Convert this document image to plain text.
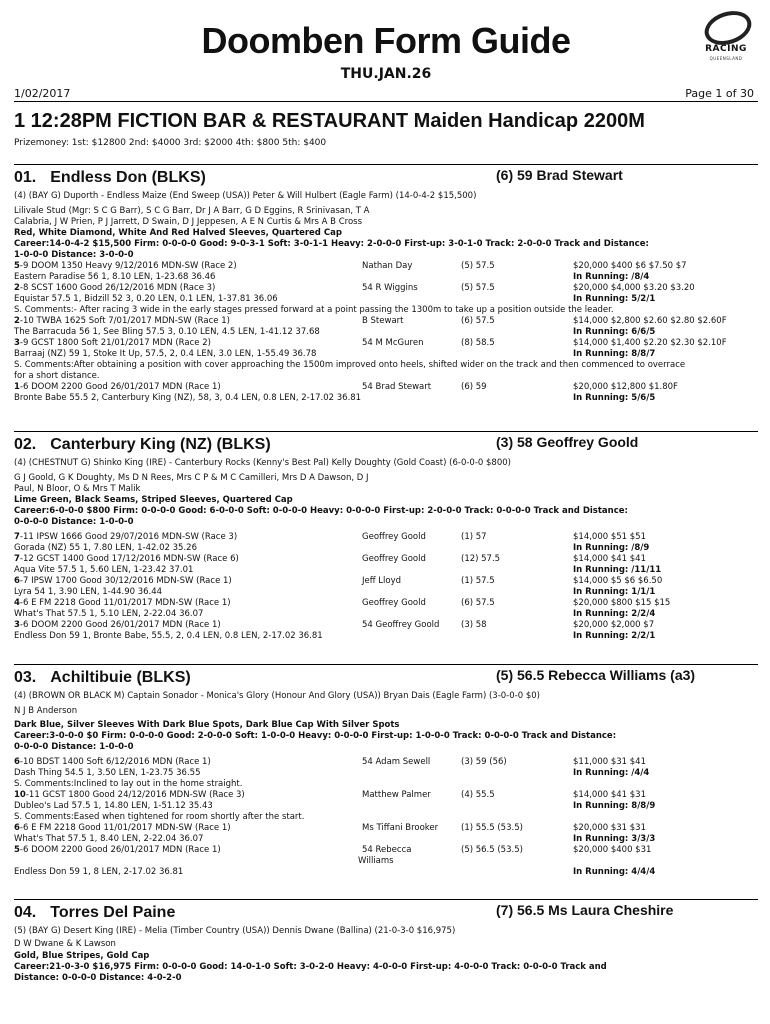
Doomben Form Guide
THU.JAN.26
RACING
QUEENSLAND
1/02/2017	Page 1 of 30
1 12:28PM FICTION BAR & RESTAURANT Maiden Handicap 2200M
Prizemoney: 1st: $12800 2nd: $4000 3rd: $2000 4th: $800 5th: $400
01. Endless Don (BLKS)	(6) 59 Brad Stewart
(4) (BAY G) Duporth - Endless Maize (End Sweep (USA)) Peter & Will Hulbert (Eagle Farm) (14-0-4-2 $15,500)
Lilivale Stud (Mgr: S C G Barr), S C G Barr, Dr J A Barr, G D Eggins, R Srinivasan, T A
Calabria, J W Prien, P J Jarrett, D Swain, D J Jeppesen, A E N Curtis & Mrs A B Cross
Red, White Diamond, White And Red Halved Sleeves, Quartered Cap
Career:14-0-4-2 $15,500 Firm: 0-0-0-0 Good: 9-0-3-1 Soft: 3-0-1-1 Heavy: 2-0-0-0 First-up: 3-0-1-0 Track: 2-0-0-0 Track and Distance:
1-0-0-0 Distance: 3-0-0-0
5-9 DOOM 1350 Heavy 9/12/2016 MDN-SW (Race 2)	Nathan Day	(5) 57.5	$20,000 $400 $6 $7.50 $7
Eastern Paradise 56 1, 8.10 LEN, 1-23.68 36.46	In Running: /8/4
2-8 SCST 1600 Good 26/12/2016 MDN (Race 3)	54 R Wiggins	(5) 57.5	$20,000 $4,000 $3.20 $3.20
Equistar 57.5 1, Bidzill 52 3, 0.20 LEN, 0.1 LEN, 1-37.81 36.06	In Running: 5/2/1
S. Comments:- After racing 3 wide in the early stages pressed forward at a point passing the 1300m to take up a position outside the leader.
2-10 TWBA 1625 Soft 7/01/2017 MDN-SW (Race 1)	B Stewart	(6) 57.5	$14,000 $2,800 $2.60 $2.80 $2.60F
The Barracuda 56 1, See Bling 57.5 3, 0.10 LEN, 4.5 LEN, 1-41.12 37.68	In Running: 6/6/5
3-9 GCST 1800 Soft 21/01/2017 MDN (Race 2)	54 M McGuren	(8) 58.5	$14,000 $1,400 $2.20 $2.30 $2.10F
Barraaj (NZ) 59 1, Stoke It Up, 57.5, 2, 0.4 LEN, 3.0 LEN, 1-55.49 36.78	In Running: 8/8/7
S. Comments:After obtaining a position with cover approaching the 1500m improved onto heels, shifted wider on the track and then commenced to overrace
for a short distance.
1-6 DOOM 2200 Good 26/01/2017 MDN (Race 1)	54 Brad Stewart	(6) 59	$20,000 $12,800 $1.80F
Bronte Babe 55.5 2, Canterbury King (NZ), 58, 3, 0.4 LEN, 0.8 LEN, 2-17.02 36.81	In Running: 5/6/5
02. Canterbury King (NZ) (BLKS)	(3) 58 Geoffrey Goold
(4) (CHESTNUT G) Shinko King (IRE) - Canterbury Rocks (Kenny's Best Pal) Kelly Doughty (Gold Coast) (6-0-0-0 $800)
G J Goold, G K Doughty, Ms D N Rees, Mrs C P & M C Camilleri, Mrs D A Dawson, D J
Paul, N Bloor, O & Mrs T Malik
Lime Green, Black Seams, Striped Sleeves, Quartered Cap
Career:6-0-0-0 $800 Firm: 0-0-0-0 Good: 6-0-0-0 Soft: 0-0-0-0 Heavy: 0-0-0-0 First-up: 2-0-0-0 Track: 0-0-0-0 Track and Distance:
0-0-0-0 Distance: 1-0-0-0
7-11 IPSW 1666 Good 29/07/2016 MDN-SW (Race 3)	Geoffrey Goold	(1) 57	$14,000 $51 $51
Gorada (NZ) 55 1, 7.80 LEN, 1-42.02 35.26	In Running: /8/9
7-12 GCST 1400 Good 17/12/2016 MDN-SW (Race 6)	Geoffrey Goold	(12) 57.5	$14,000 $41 $41
Aqua Vite 57.5 1, 5.60 LEN, 1-23.42 37.01	In Running: /11/11
6-7 IPSW 1700 Good 30/12/2016 MDN-SW (Race 1)	Jeff Lloyd	(1) 57.5	$14,000 $5 $6 $6.50
Lyra 54 1, 3.90 LEN, 1-44.90 36.44	In Running: 1/1/1
4-6 E FM 2218 Good 11/01/2017 MDN-SW (Race 1)	Geoffrey Goold	(6) 57.5	$20,000 $800 $15 $15
What's That 57.5 1, 5.10 LEN, 2-22.04 36.07	In Running: 2/2/4
3-6 DOOM 2200 Good 26/01/2017 MDN (Race 1)	54 Geoffrey Goold	(3) 58	$20,000 $2,000 $7
Endless Don 59 1, Bronte Babe, 55.5, 2, 0.4 LEN, 0.8 LEN, 2-17.02 36.81	In Running: 2/2/1
03. Achiltibuie (BLKS)	(5) 56.5 Rebecca Williams (a3)
(4) (BROWN OR BLACK M) Captain Sonador - Monica's Glory (Honour And Glory (USA)) Bryan Dais (Eagle Farm) (3-0-0-0 $0)
N J B Anderson
Dark Blue, Silver Sleeves With Dark Blue Spots, Dark Blue Cap With Silver Spots
Career:3-0-0-0 $0 Firm: 0-0-0-0 Good: 2-0-0-0 Soft: 1-0-0-0 Heavy: 0-0-0-0 First-up: 1-0-0-0 Track: 0-0-0-0 Track and Distance:
0-0-0-0 Distance: 1-0-0-0
6-10 BDST 1400 Soft 6/12/2016 MDN (Race 1)	54 Adam Sewell	(3) 59 (56)	$11,000 $31 $41
Dash Thing 54.5 1, 3.50 LEN, 1-23.75 36.55	In Running: /4/4
S. Comments:Inclined to lay out in the home straight.
10-11 GCST 1800 Good 24/12/2016 MDN-SW (Race 3)	Matthew Palmer	(4) 55.5	$14,000 $41 $31
Dubleo's Lad 57.5 1, 14.80 LEN, 1-51.12 35.43	In Running: 8/8/9
S. Comments:Eased when tightened for room shortly after the start.
6-6 E FM 2218 Good 11/01/2017 MDN-SW (Race 1)	Ms Tiffani Brooker	(1) 55.5 (53.5)	$20,000 $31 $31
What's That 57.5 1, 8.40 LEN, 2-22.04 36.07	In Running: 3/3/3
5-6 DOOM 2200 Good 26/01/2017 MDN (Race 1)	54 Rebecca	(5) 56.5 (53.5)	$20,000 $400 $31
Williams
Endless Don 59 1, 8 LEN, 2-17.02 36.81	In Running: 4/4/4
04. Torres Del Paine	(7) 56.5 Ms Laura Cheshire
(5) (BAY G) Desert King (IRE) - Melia (Timber Country (USA)) Dennis Dwane (Ballina) (21-0-3-0 $16,975)
D W Dwane & K Lawson
Gold, Blue Stripes, Gold Cap
Career:21-0-3-0 $16,975 Firm: 0-0-0-0 Good: 14-0-1-0 Soft: 3-0-2-0 Heavy: 4-0-0-0 First-up: 4-0-0-0 Track: 0-0-0-0 Track and
Distance: 0-0-0-0 Distance: 4-0-2-0
